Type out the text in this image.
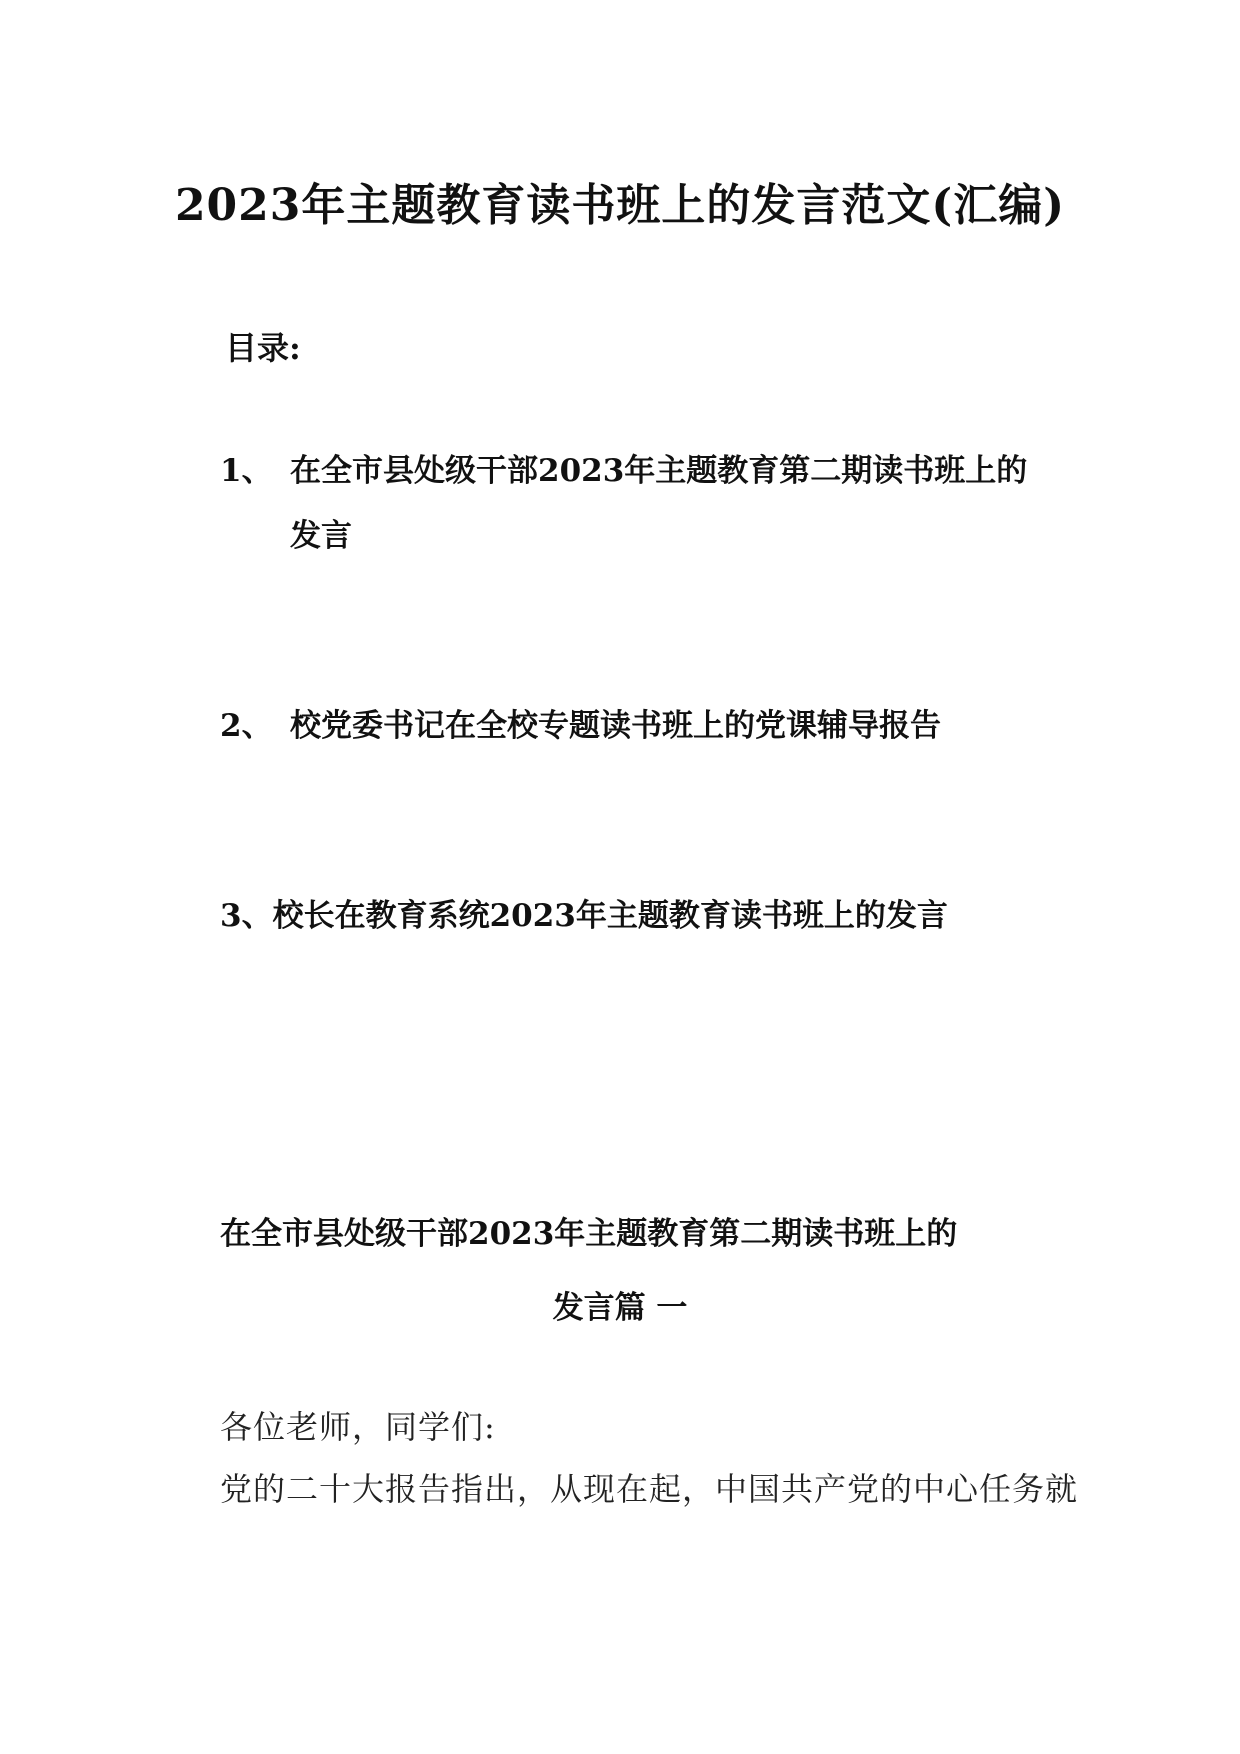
2023年主题教育读书班上的发言范文(汇编)
目录:
1、 在全市县处级干部2023年主题教育第二期读书班上的
发言
2、 校党委书记在全校专题读书班上的党课辅导报告
3、校长在教育系统2023年主题教育读书班上的发言
在全市县处级干部2023年主题教育第二期读书班上的
发言篇 一
各位老师，同学们:
党的二十大报告指出，从现在起，中国共产党的中心任务就
